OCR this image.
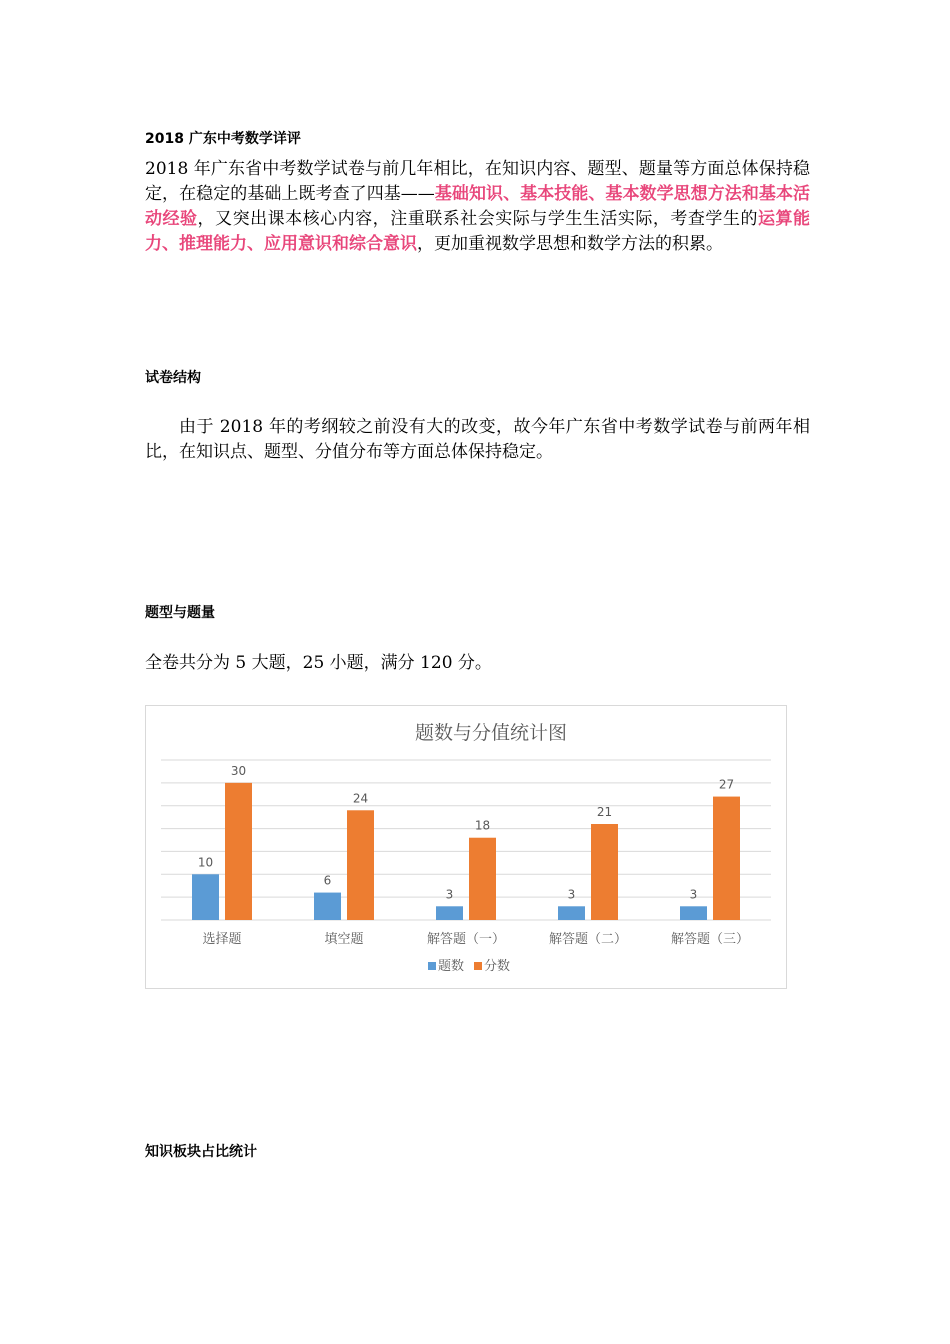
2018 广东中考数学详评
2018 年广东省中考数学试卷与前几年相比，在知识内容、题型、题量等方面总体保持稳定，在稳定的基础上既考查了四基——基础知识、基本技能、基本数学思想方法和基本活动经验，又突出课本核心内容，注重联系社会实际与学生生活实际，考查学生的运算能力、推理能力、应用意识和综合意识，更加重视数学思想和数学方法的积累。
试卷结构
由于 2018 年的考纲较之前没有大的改变，故今年广东省中考数学试卷与前两年相比，在知识点、题型、分值分布等方面总体保持稳定。
题型与题量
全卷共分为 5 大题，25 小题，满分 120 分。
题数与分值统计图
10
30
6
24
3
18
3
21
3
27
选择题	填空题	解答题（一）	解答题（二）	解答题（三）
题数 分数
知识板块占比统计
